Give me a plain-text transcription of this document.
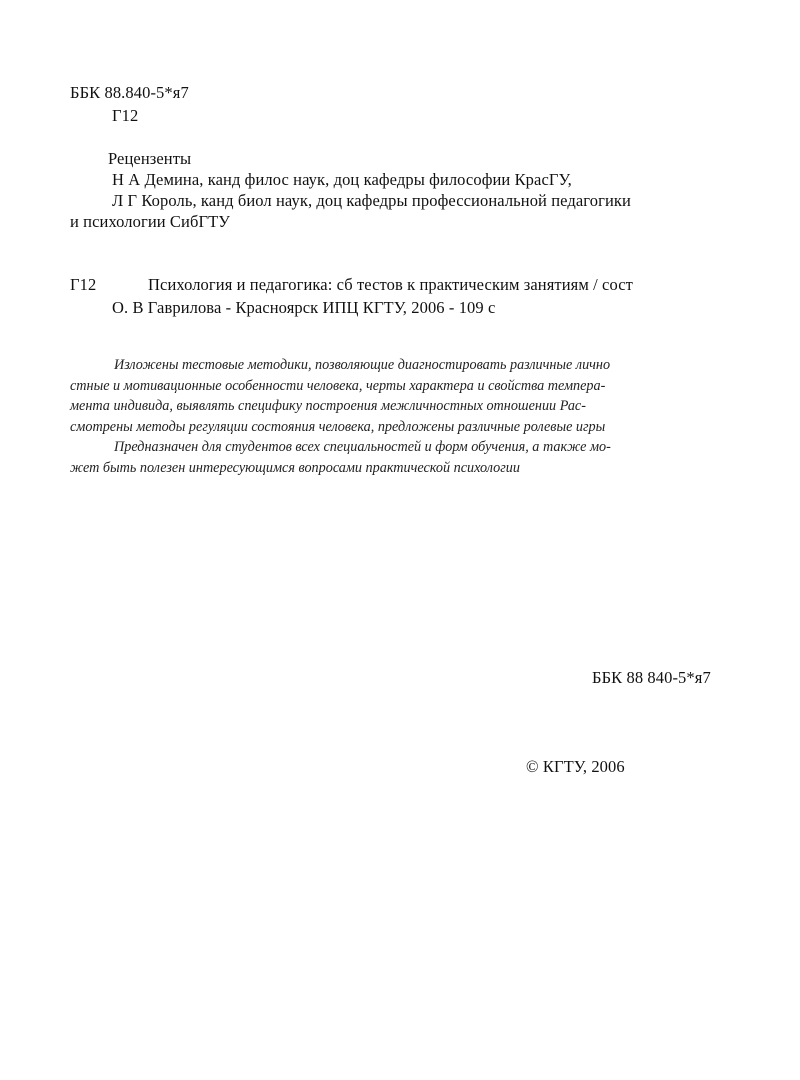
ББК 88.840-5*я7
Г12
Рецензенты
Н А Демина, канд филос наук, доц кафедры философии КрасГУ,
Л Г Король, канд биол наук, доц кафедры профессиональной педагогики
и психологии СибГТУ
Г12	Психология и педагогика: сб тестов к практическим занятиям / сост
О. В Гаврилова - Красноярск ИПЦ КГТУ, 2006 - 109 с
Изложены тестовые методики, позволяющие диагностировать различные лично
стные и мотивационные особенности человека, черты характера и свойства темпера-
мента индивида, выявлять специфику построения межличностных отношении Рас-
смотрены методы регуляции состояния человека, предложены различные ролевые игры
Предназначен для студентов всех специальностей и форм обучения, а также мо-
жет быть полезен интересующимся вопросами практической психологии
ББК 88 840-5*я7
© КГТУ, 2006
